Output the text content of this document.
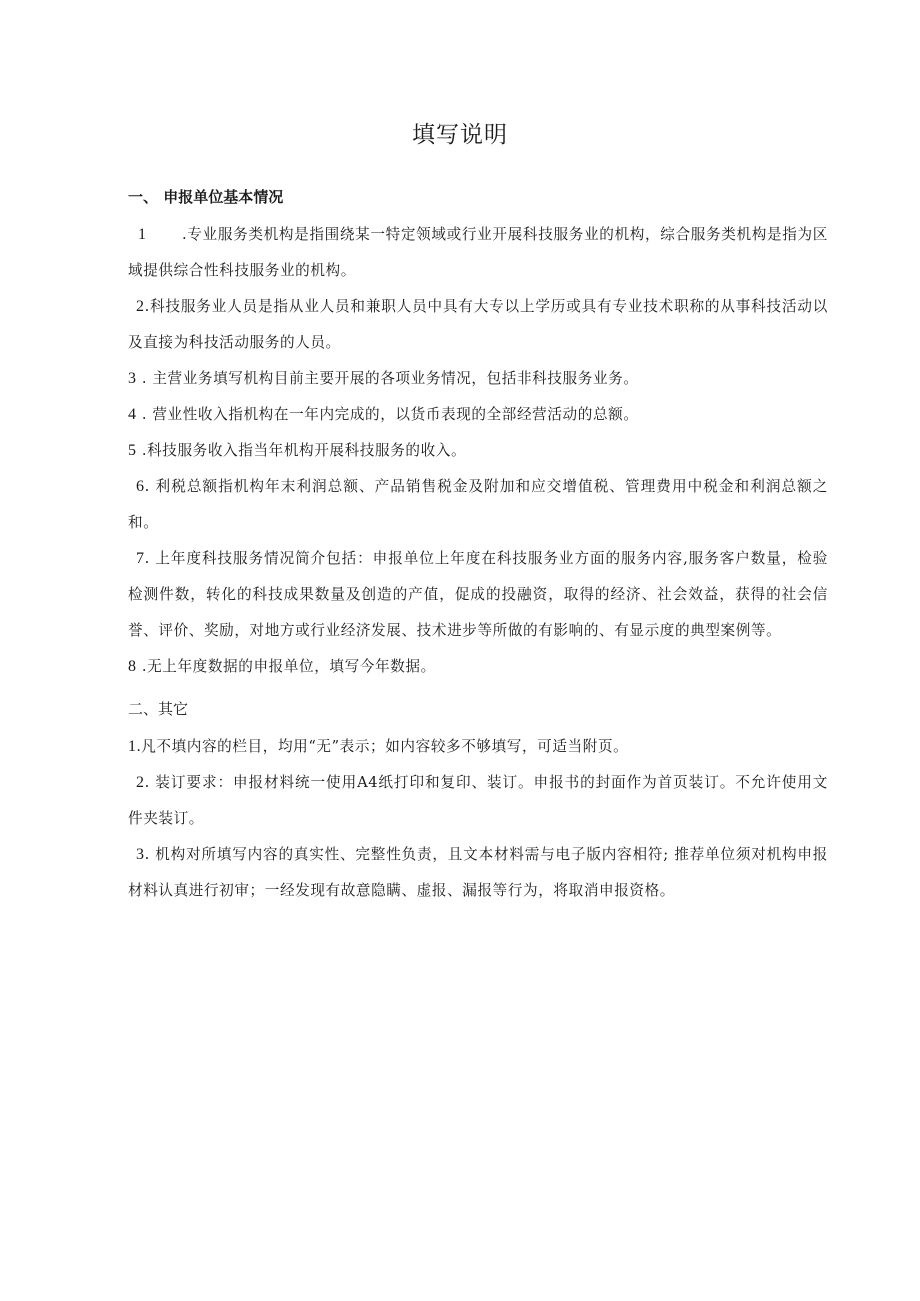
填写说明
一、 申报单位基本情况

1 .专业服务类机构是指围绕某一特定领域或行业开展科技服务业的机构，综合服务类机构是指为区域提供综合性科技服务业的机构。

2.科技服务业人员是指从业人员和兼职人员中具有大专以上学历或具有专业技术职称的从事科技活动以及直接为科技活动服务的人员。

3 . 主营业务填写机构目前主要开展的各项业务情况，包括非科技服务业务。

4 . 营业性收入指机构在一年内完成的，以货币表现的全部经营活动的总额。

5 .科技服务收入指当年机构开展科技服务的收入。

6. 利税总额指机构年末利润总额、产品销售税金及附加和应交增值税、管理费用中税金和利润总额之和。

7. 上年度科技服务情况简介包括：申报单位上年度在科技服务业方面的服务内容,服务客户数量，检验检测件数，转化的科技成果数量及创造的产值，促成的投融资，取得的经济、社会效益，获得的社会信誉、评价、奖励，对地方或行业经济发展、技术进步等所做的有影响的、有显示度的典型案例等。

8 .无上年度数据的申报单位，填写今年数据。

二、其它

1.凡不填内容的栏目，均用“无”表示；如内容较多不够填写，可适当附页。

2. 装订要求：申报材料统一使用A4纸打印和复印、装订。申报书的封面作为首页装订。不允许使用文件夹装订。

3. 机构对所填写内容的真实性、完整性负责，且文本材料需与电子版内容相符; 推荐单位须对机构申报材料认真进行初审；一经发现有故意隐瞒、虚报、漏报等行为，将取消申报资格。
